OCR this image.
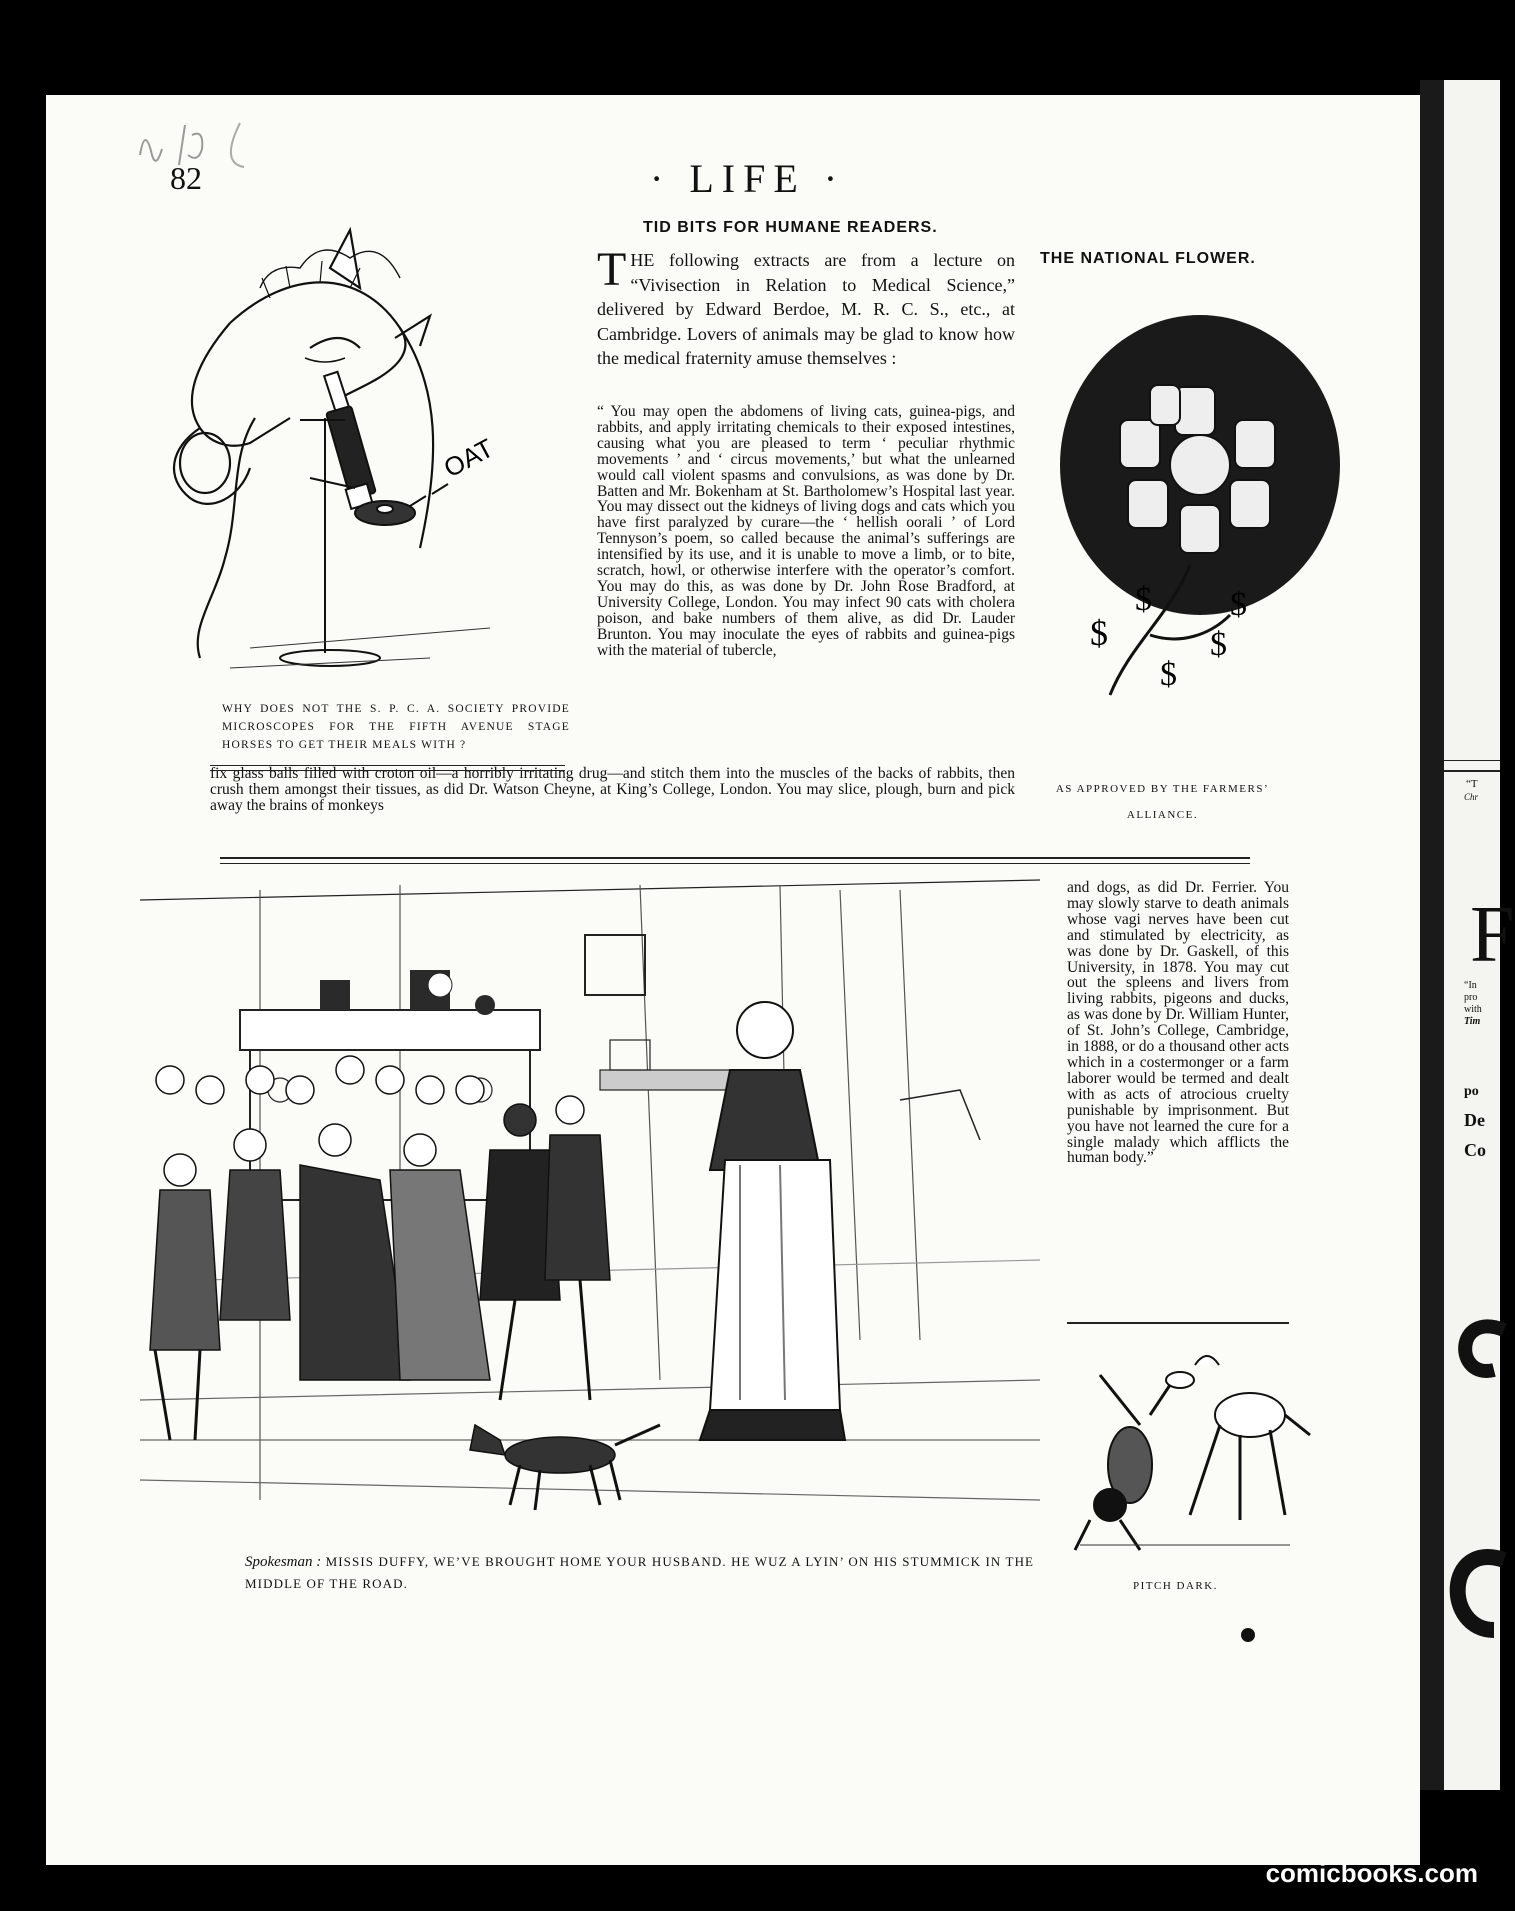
“T
Chr
F
“In
pro
with
Tim
po
De
Co
82	· LIFE ·
TID BITS FOR HUMANE READERS.
THE following extracts are from a lecture on “Vivisection in Relation to Medical Science,” delivered by Edward Berdoe, M. R. C. S., etc., at Cambridge. Lovers of animals may be glad to know how the medical fraternity amuse themselves :
“ You may open the abdomens of living cats, guinea-pigs, and rabbits, and apply irritating chemicals to their exposed intestines, causing what you are pleased to term ‘ peculiar rhythmic movements ’ and ‘ circus movements,’ but what the unlearned would call violent spasms and convulsions, as was done by Dr. Batten and Mr. Bokenham at St. Bartholomew’s Hospital last year. You may dissect out the kidneys of living dogs and cats which you have first paralyzed by curare—the ‘ hellish oorali ’ of Lord Tennyson’s poem, so called because the animal’s sufferings are intensified by its use, and it is unable to move a limb, or to bite, scratch, howl, or otherwise interfere with the operator’s comfort. You may do this, as was done by Dr. John Rose Bradford, at University College, London. You may infect 90 cats with cholera poison, and bake numbers of them alive, as did Dr. Lauder Brunton. You may inoculate the eyes of rabbits and guinea-pigs with the material of tubercle,
fix glass balls filled with croton oil—a horribly irritating drug—and stitch them into the muscles of the backs of rabbits, then crush them amongst their tissues, as did Dr. Watson Cheyne, at King’s College, London. You may slice, plough, burn and pick away the brains of monkeys
and dogs, as did Dr. Ferrier. You may slowly starve to death animals whose vagi nerves have been cut and stimulated by electricity, as was done by Dr. Gaskell, of this University, in 1878. You may cut out the spleens and livers from living rabbits, pigeons and ducks, as was done by Dr. William Hunter, of St. John’s College, Cambridge, in 1888, or do a thousand other acts which in a costermonger or a farm laborer would be termed and dealt with as acts of atrocious cruelty punishable by imprisonment. But you have not learned the cure for a single malady which afflicts the human body.”
OAT
WHY DOES NOT THE S. P. C. A. SOCIETY PROVIDE MICROSCOPES FOR THE FIFTH AVENUE STAGE HORSES TO GET THEIR MEALS WITH ?
THE NATIONAL FLOWER.
$
$
$
$
$
AS APPROVED BY THE FARMERS’ ALLIANCE.
Spokesman : MISSIS DUFFY, WE’VE BROUGHT HOME YOUR HUSBAND. HE WUZ A LYIN’ ON HIS STUMMICK IN THE MIDDLE OF THE ROAD.	PITCH DARK.
comicbooks.com
